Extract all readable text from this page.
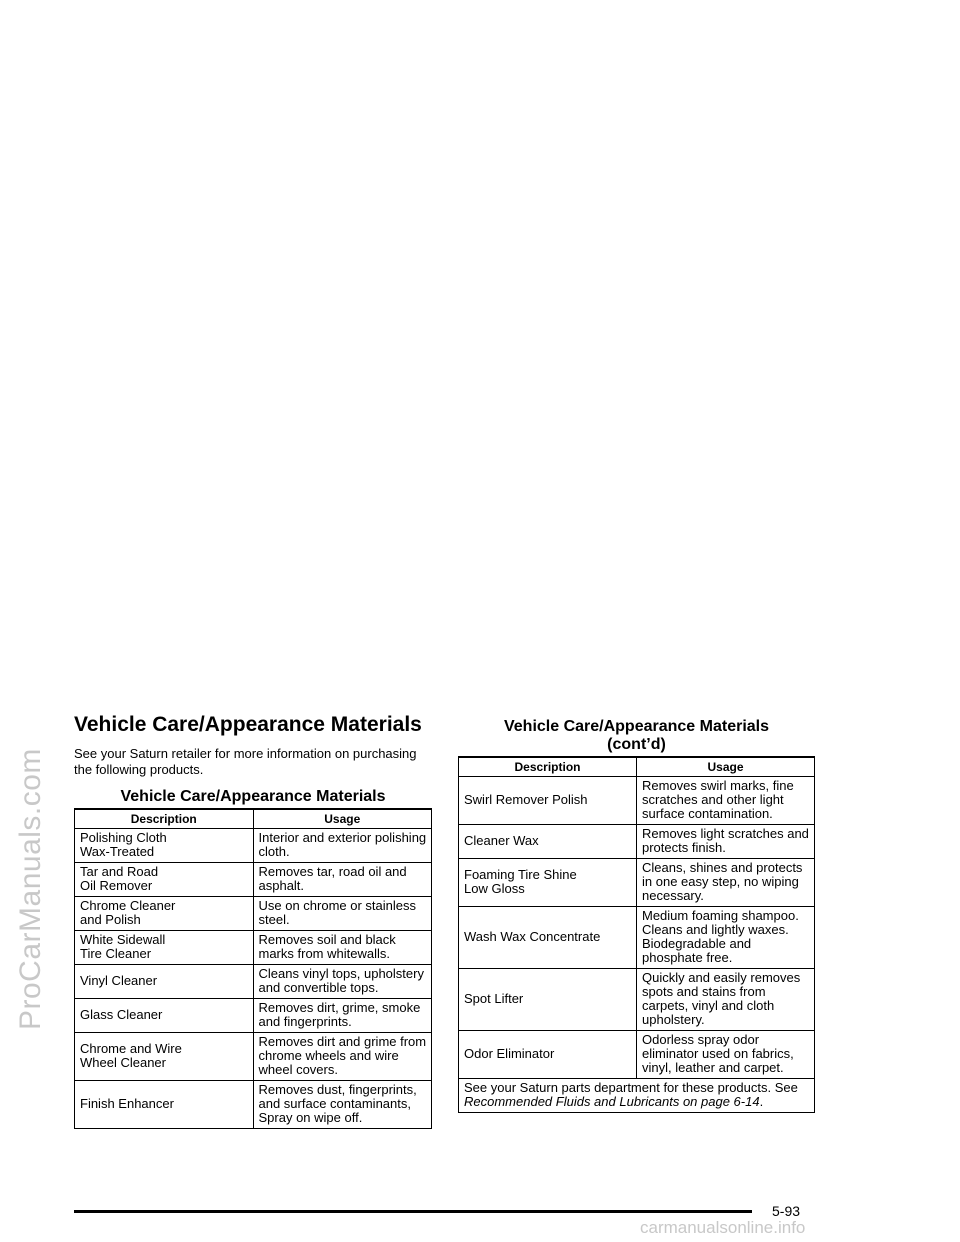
ProCarManuals.com
Vehicle Care/Appearance Materials

See your Saturn retailer for more information on purchasing the following products.

Vehicle Care/Appearance Materials
Description	Usage
Polishing Cloth
Wax-Treated	Interior and exterior polishing cloth.
Tar and Road
Oil Remover	Removes tar, road oil and asphalt.
Chrome Cleaner
and Polish	Use on chrome or stainless steel.
White Sidewall
Tire Cleaner	Removes soil and black marks from whitewalls.
Vinyl Cleaner	Cleans vinyl tops, upholstery and convertible tops.
Glass Cleaner	Removes dirt, grime, smoke and fingerprints.
Chrome and Wire
Wheel Cleaner	Removes dirt and grime from chrome wheels and wire wheel covers.
Finish Enhancer	Removes dust, fingerprints, and surface contaminants, Spray on wipe off.
Vehicle Care/Appearance Materials
(cont’d)
Description	Usage
Swirl Remover Polish	Removes swirl marks, fine scratches and other light surface contamination.
Cleaner Wax	Removes light scratches and protects finish.
Foaming Tire Shine
Low Gloss	Cleans, shines and protects in one easy step, no wiping necessary.
Wash Wax Concentrate	Medium foaming shampoo. Cleans and lightly waxes. Biodegradable and phosphate free.
Spot Lifter	Quickly and easily removes spots and stains from carpets, vinyl and cloth upholstery.
Odor Eliminator	Odorless spray odor eliminator used on fabrics, vinyl, leather and carpet.
See your Saturn parts department for these products. See Recommended Fluids and Lubricants on page 6-14.	
5-93
carmanualsonline.info
